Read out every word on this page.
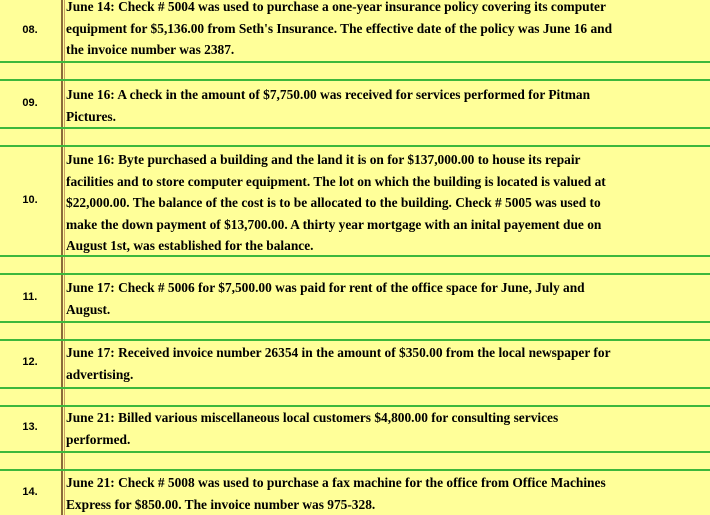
08.
June 14: Check # 5004 was used to purchase a one-year insurance policy covering its computer
equipment for $5,136.00 from Seth's Insurance. The effective date of the policy was June 16 and
the invoice number was 2387.
09.
June 16: A check in the amount of $7,750.00 was received for services performed for Pitman
Pictures.
10.
June 16: Byte purchased a building and the land it is on for $137,000.00 to house its repair
facilities and to store computer equipment. The lot on which the building is located is valued at
$22,000.00. The balance of the cost is to be allocated to the building. Check # 5005 was used to
make the down payment of $13,700.00. A thirty year mortgage with an inital payement due on
August 1st, was established for the balance.
11.
June 17: Check # 5006 for $7,500.00 was paid for rent of the office space for June, July and
August.
12.
June 17: Received invoice number 26354 in the amount of $350.00 from the local newspaper for
advertising.
13.
June 21: Billed various miscellaneous local customers $4,800.00 for consulting services
performed.
14.
June 21: Check # 5008 was used to purchase a fax machine for the office from Office Machines
Express for $850.00. The invoice number was 975-328.
